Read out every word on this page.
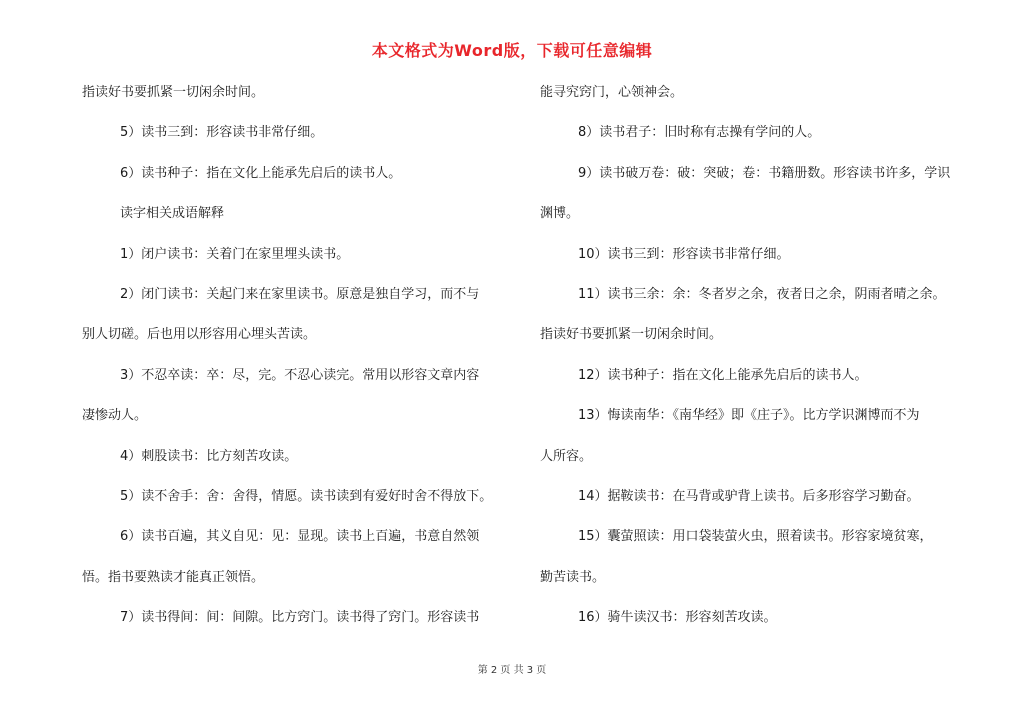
本文格式为Word版，下载可任意编辑
指读好书要抓紧一切闲余时间。
5）读书三到：形容读书非常仔细。
6）读书种子：指在文化上能承先启后的读书人。
读字相关成语解释
1）闭户读书：关着门在家里埋头读书。
2）闭门读书：关起门来在家里读书。原意是独自学习，而不与
别人切磋。后也用以形容用心埋头苦读。
3）不忍卒读：卒：尽，完。不忍心读完。常用以形容文章内容
凄惨动人。
4）刺股读书：比方刻苦攻读。
5）读不舍手：舍：舍得，情愿。读书读到有爱好时舍不得放下。
6）读书百遍，其义自见：见：显现。读书上百遍，书意自然领
悟。指书要熟读才能真正领悟。
7）读书得间：间：间隙。比方窍门。读书得了窍门。形容读书
能寻究窍门，心领神会。
8）读书君子：旧时称有志操有学问的人。
9）读书破万卷：破：突破；卷：书籍册数。形容读书许多，学识
渊博。
10）读书三到：形容读书非常仔细。
11）读书三余：余：冬者岁之余，夜者日之余，阴雨者晴之余。
指读好书要抓紧一切闲余时间。
12）读书种子：指在文化上能承先启后的读书人。
13）悔读南华：《南华经》即《庄子》。比方学识渊博而不为
人所容。
14）据鞍读书：在马背或驴背上读书。后多形容学习勤奋。
15）囊萤照读：用口袋装萤火虫，照着读书。形容家境贫寒，
勤苦读书。
16）骑牛读汉书：形容刻苦攻读。
第 2 页 共 3 页
